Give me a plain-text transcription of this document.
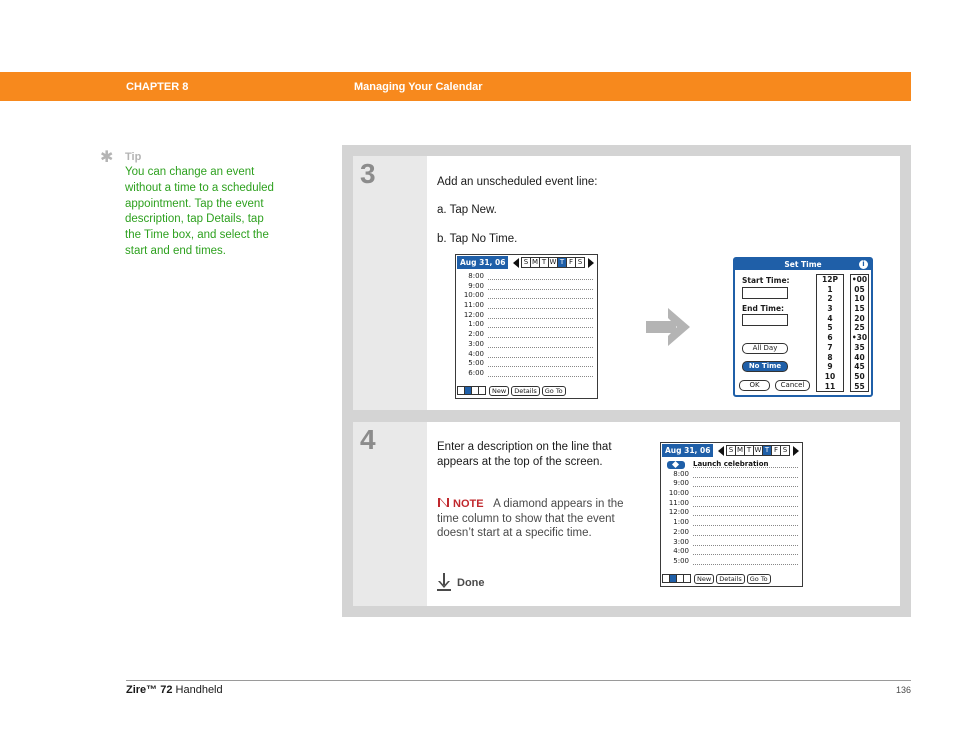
CHAPTER 8	Managing Your Calendar
✱ Tip
You can change an event without a time to a scheduled appointment. Tap the event description, tap Details, tap the Time box, and select the start and end times.
3	Add an unscheduled event line:
a. Tap New.
b. Tap No Time.
Aug 31, 06	S M T W T F S
8:00
9:00
10:00
11:00
12:00
1:00
2:00
3:00
4:00
5:00
6:00
New	Details	Go To
Set Time	i
Start Time:
End Time:
All Day
No Time
OK	Cancel
12P
1
2
3
4
5
6
7
8
9
10
11
•00
05
10
15
20
25
•30
35
40
45
50
55
4	Enter a description on the line that appears at the top of the screen.
NOTE A diamond appears in the time column to show that the event doesn’t start at a specific time.
Done
Aug 31, 06	S M T W T F S
Launch celebration
8:00
9:00
10:00
11:00
12:00
1:00
2:00
3:00
4:00
5:00
New	Details	Go To
Zire™ 72 Handheld	136
